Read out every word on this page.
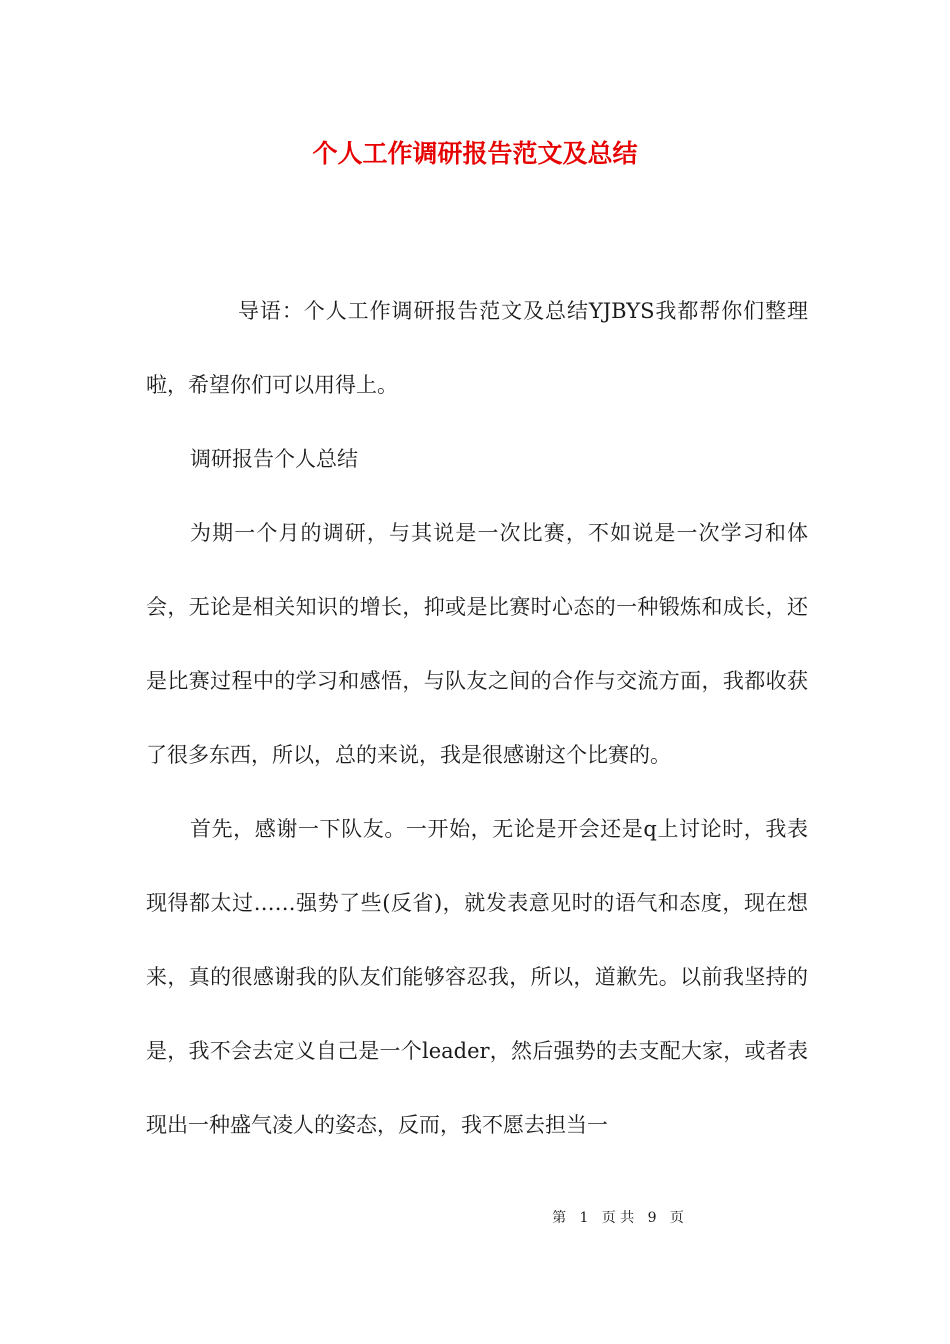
个人工作调研报告范文及总结

导语：个人工作调研报告范文及总结YJBYS我都帮你们整理啦，希望你们可以用得上。

调研报告个人总结

为期一个月的调研，与其说是一次比赛，不如说是一次学习和体会，无论是相关知识的增长，抑或是比赛时心态的一种锻炼和成长，还是比赛过程中的学习和感悟，与队友之间的合作与交流方面，我都收获了很多东西，所以，总的来说，我是很感谢这个比赛的。

首先，感谢一下队友。一开始，无论是开会还是q上讨论时，我表现得都太过……强势了些(反省)，就发表意见时的语气和态度，现在想来，真的很感谢我的队友们能够容忍我，所以，道歉先。以前我坚持的是，我不会去定义自己是一个leader，然后强势的去支配大家，或者表现出一种盛气凌人的姿态，反而，我不愿去担当一

第 1 页 共 9 页
